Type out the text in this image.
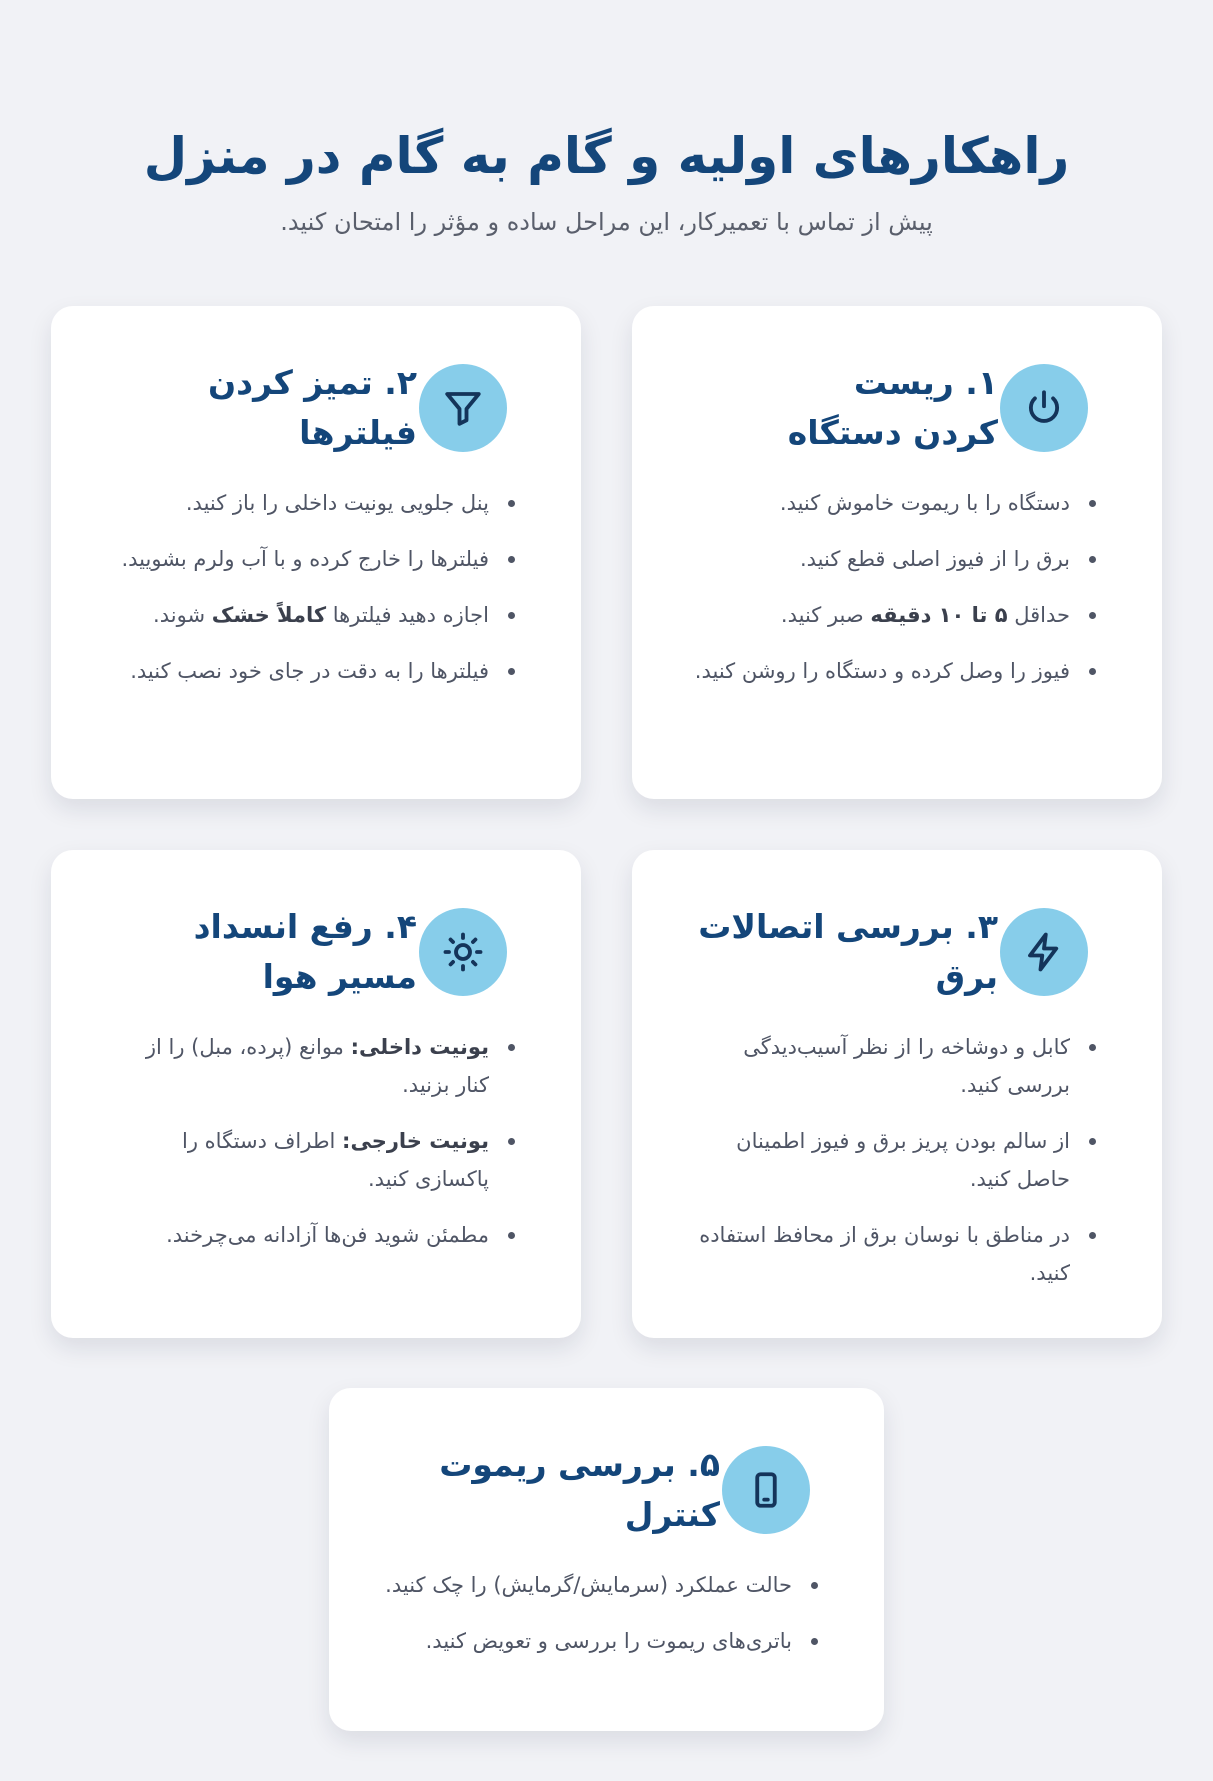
راهکارهای اولیه و گام به گام در منزل

پیش از تماس با تعمیرکار، این مراحل ساده و مؤثر را امتحان کنید.

۱. ریست کردن دستگاه
دستگاه را با ریموت خاموش کنید.
برق را از فیوز اصلی قطع کنید.
حداقل ۵ تا ۱۰ دقیقه صبر کنید.
فیوز را وصل کرده و دستگاه را روشن کنید.
۲. تمیز کردن فیلترها
پنل جلویی یونیت داخلی را باز کنید.
فیلترها را خارج کرده و با آب ولرم بشویید.
اجازه دهید فیلترها کاملاً خشک شوند.
فیلترها را به دقت در جای خود نصب کنید.
۳. بررسی اتصالات برق
کابل و دوشاخه را از نظر آسیب‌دیدگی بررسی کنید.
از سالم بودن پریز برق و فیوز اطمینان حاصل کنید.
در مناطق با نوسان برق از محافظ استفاده کنید.
۴. رفع انسداد مسیر هوا
یونیت داخلی: موانع (پرده، مبل) را از کنار بزنید.
یونیت خارجی: اطراف دستگاه را پاکسازی کنید.
مطمئن شوید فن‌ها آزادانه می‌چرخند.
۵. بررسی ریموت کنترل
حالت عملکرد (سرمایش/گرمایش) را چک کنید.
باتری‌های ریموت را بررسی و تعویض کنید.
